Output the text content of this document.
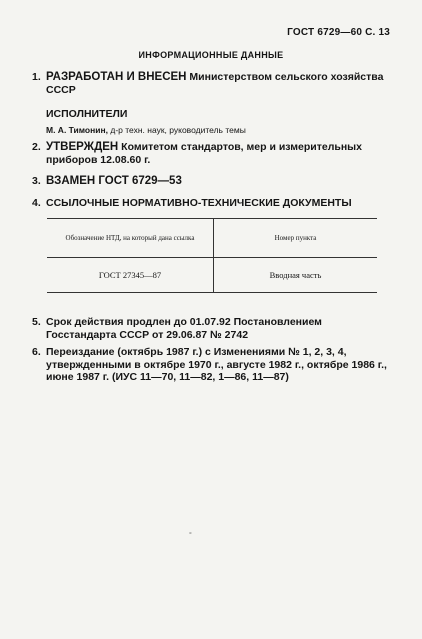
ГОСТ 6729—60 С. 13
ИНФОРМАЦИОННЫЕ ДАННЫЕ
1. РАЗРАБОТАН И ВНЕСЕН Министерством сельского хозяйства СССР
ИСПОЛНИТЕЛИ
М. А. Тимонин, д-р техн. наук, руководитель темы
2. УТВЕРЖДЕН Комитетом стандартов, мер и измерительных приборов 12.08.60 г.
3. ВЗАМЕН ГОСТ 6729—53
4. ССЫЛОЧНЫЕ НОРМАТИВНО-ТЕХНИЧЕСКИЕ ДОКУМЕНТЫ
Обозначение НТД, на который дана ссылка	Номер пункта
ГОСТ 27345—87	Вводная часть
5. Срок действия продлен до 01.07.92 Постановлением Госстандарта СССР от 29.06.87 № 2742
6. Переиздание (октябрь 1987 г.) с Изменениями № 1, 2, 3, 4, утвержденными в октябре 1970 г., августе 1982 г., октябре 1986 г., июне 1987 г. (ИУС 11—70, 11—82, 1—86, 11—87)
°
